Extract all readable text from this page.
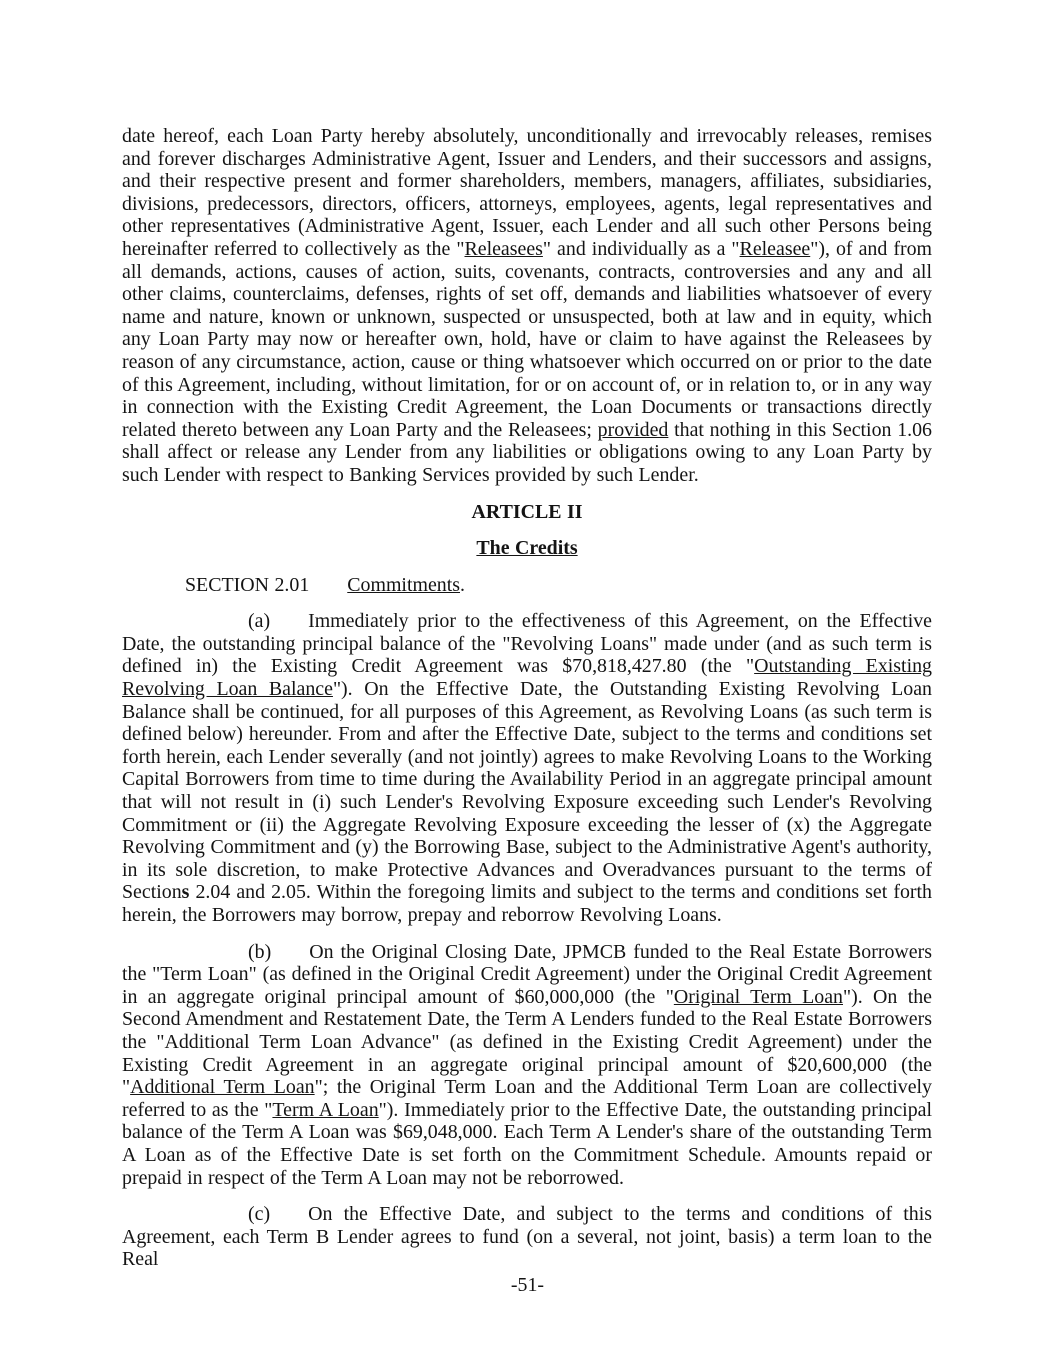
date hereof, each Loan Party hereby absolutely, unconditionally and irrevocably releases, remises and forever discharges Administrative Agent, Issuer and Lenders, and their successors and assigns, and their respective present and former shareholders, members, managers, affiliates, subsidiaries, divisions, predecessors, directors, officers, attorneys, employees, agents, legal representatives and other representatives (Administrative Agent, Issuer, each Lender and all such other Persons being hereinafter referred to collectively as the "Releasees" and individually as a "Releasee"), of and from all demands, actions, causes of action, suits, covenants, contracts, controversies and any and all other claims, counterclaims, defenses, rights of set off, demands and liabilities whatsoever of every name and nature, known or unknown, suspected or unsuspected, both at law and in equity, which any Loan Party may now or hereafter own, hold, have or claim to have against the Releasees by reason of any circumstance, action, cause or thing whatsoever which occurred on or prior to the date of this Agreement, including, without limitation, for or on account of, or in relation to, or in any way in connection with the Existing Credit Agreement, the Loan Documents or transactions directly related thereto between any Loan Party and the Releasees; provided that nothing in this Section 1.06 shall affect or release any Lender from any liabilities or obligations owing to any Loan Party by such Lender with respect to Banking Services provided by such Lender.

ARTICLE II

The Credits

SECTION 2.01 Commitments.

(a) Immediately prior to the effectiveness of this Agreement, on the Effective Date, the outstanding principal balance of the "Revolving Loans" made under (and as such term is defined in) the Existing Credit Agreement was $70,818,427.80 (the "Outstanding Existing Revolving Loan Balance"). On the Effective Date, the Outstanding Existing Revolving Loan Balance shall be continued, for all purposes of this Agreement, as Revolving Loans (as such term is defined below) hereunder. From and after the Effective Date, subject to the terms and conditions set forth herein, each Lender severally (and not jointly) agrees to make Revolving Loans to the Working Capital Borrowers from time to time during the Availability Period in an aggregate principal amount that will not result in (i) such Lender's Revolving Exposure exceeding such Lender's Revolving Commitment or (ii) the Aggregate Revolving Exposure exceeding the lesser of (x) the Aggregate Revolving Commitment and (y) the Borrowing Base, subject to the Administrative Agent's authority, in its sole discretion, to make Protective Advances and Overadvances pursuant to the terms of Sections 2.04 and 2.05. Within the foregoing limits and subject to the terms and conditions set forth herein, the Borrowers may borrow, prepay and reborrow Revolving Loans.

(b) On the Original Closing Date, JPMCB funded to the Real Estate Borrowers the "Term Loan" (as defined in the Original Credit Agreement) under the Original Credit Agreement in an aggregate original principal amount of $60,000,000 (the "Original Term Loan"). On the Second Amendment and Restatement Date, the Term A Lenders funded to the Real Estate Borrowers the "Additional Term Loan Advance" (as defined in the Existing Credit Agreement) under the Existing Credit Agreement in an aggregate original principal amount of $20,600,000 (the "Additional Term Loan"; the Original Term Loan and the Additional Term Loan are collectively referred to as the "Term A Loan"). Immediately prior to the Effective Date, the outstanding principal balance of the Term A Loan was $69,048,000. Each Term A Lender's share of the outstanding Term A Loan as of the Effective Date is set forth on the Commitment Schedule. Amounts repaid or prepaid in respect of the Term A Loan may not be reborrowed.

(c) On the Effective Date, and subject to the terms and conditions of this Agreement, each Term B Lender agrees to fund (on a several, not joint, basis) a term loan to the Real

-51-
